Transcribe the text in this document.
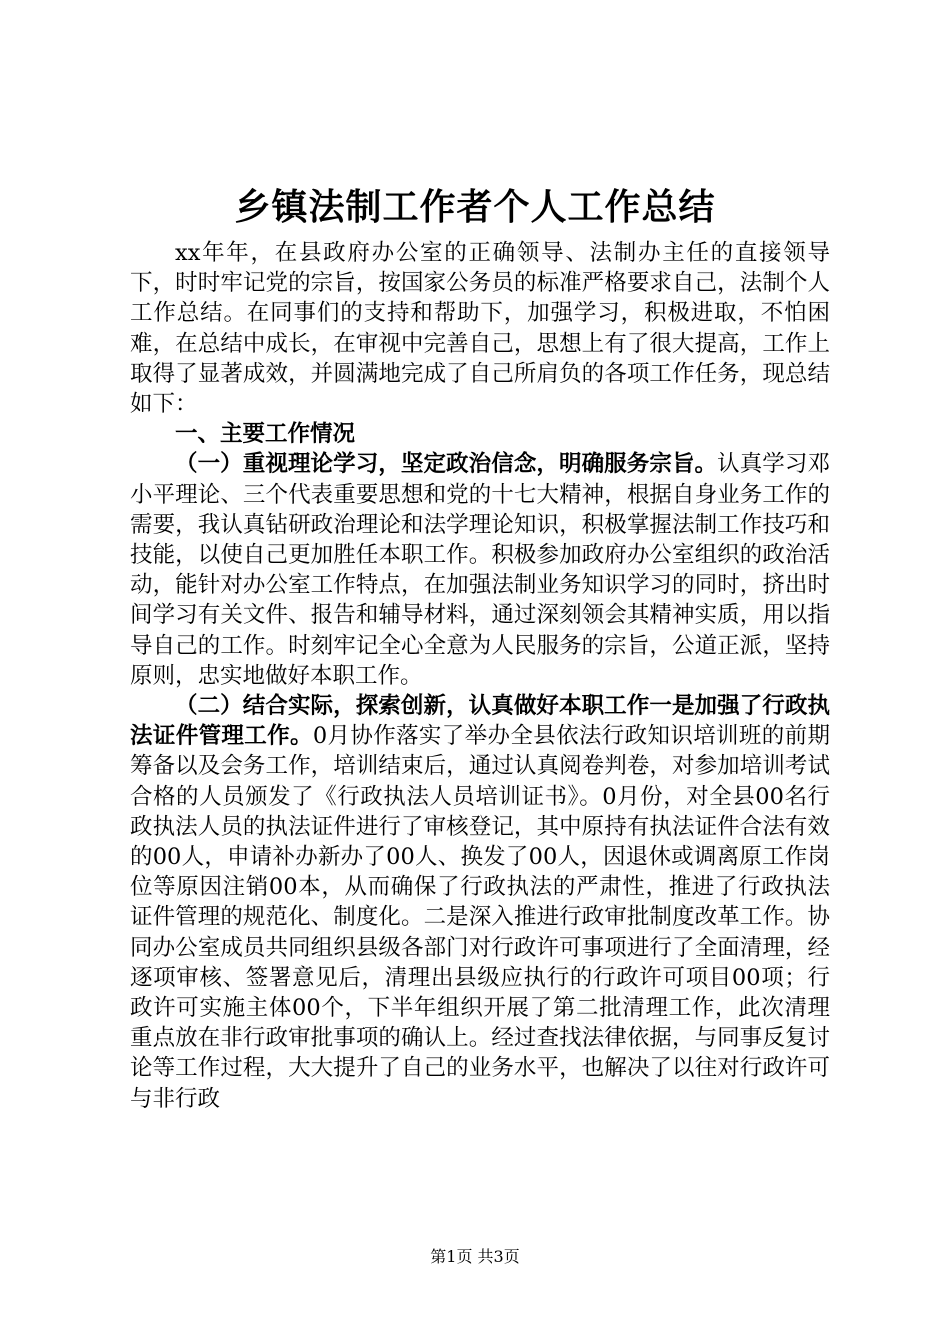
乡镇法制工作者个人工作总结

xx年年，在县政府办公室的正确领导、法制办主任的直接领导下，时时牢记党的宗旨，按国家公务员的标准严格要求自己，法制个人工作总结。在同事们的支持和帮助下，加强学习，积极进取，不怕困难，在总结中成长，在审视中完善自己，思想上有了很大提高，工作上取得了显著成效，并圆满地完成了自己所肩负的各项工作任务，现总结如下：

一、主要工作情况

（一）重视理论学习，坚定政治信念，明确服务宗旨。认真学习邓小平理论、三个代表重要思想和党的十七大精神，根据自身业务工作的需要，我认真钻研政治理论和法学理论知识，积极掌握法制工作技巧和技能，以使自己更加胜任本职工作。积极参加政府办公室组织的政治活动，能针对办公室工作特点，在加强法制业务知识学习的同时，挤出时间学习有关文件、报告和辅导材料，通过深刻领会其精神实质，用以指导自己的工作。时刻牢记全心全意为人民服务的宗旨，公道正派，坚持原则，忠实地做好本职工作。

（二）结合实际，探索创新，认真做好本职工作一是加强了行政执法证件管理工作。0月协作落实了举办全县依法行政知识培训班的前期筹备以及会务工作，培训结束后，通过认真阅卷判卷，对参加培训考试合格的人员颁发了《行政执法人员培训证书》。0月份，对全县00名行政执法人员的执法证件进行了审核登记，其中原持有执法证件合法有效的00人，申请补办新办了00人、换发了00人，因退休或调离原工作岗位等原因注销00本，从而确保了行政执法的严肃性，推进了行政执法证件管理的规范化、制度化。二是深入推进行政审批制度改革工作。协同办公室成员共同组织县级各部门对行政许可事项进行了全面清理，经逐项审核、签署意见后，清理出县级应执行的行政许可项目00项；行政许可实施主体00个，下半年组织开展了第二批清理工作，此次清理重点放在非行政审批事项的确认上。经过查找法律依据，与同事反复讨论等工作过程，大大提升了自己的业务水平，也解决了以往对行政许可与非行政

第1页 共3页
